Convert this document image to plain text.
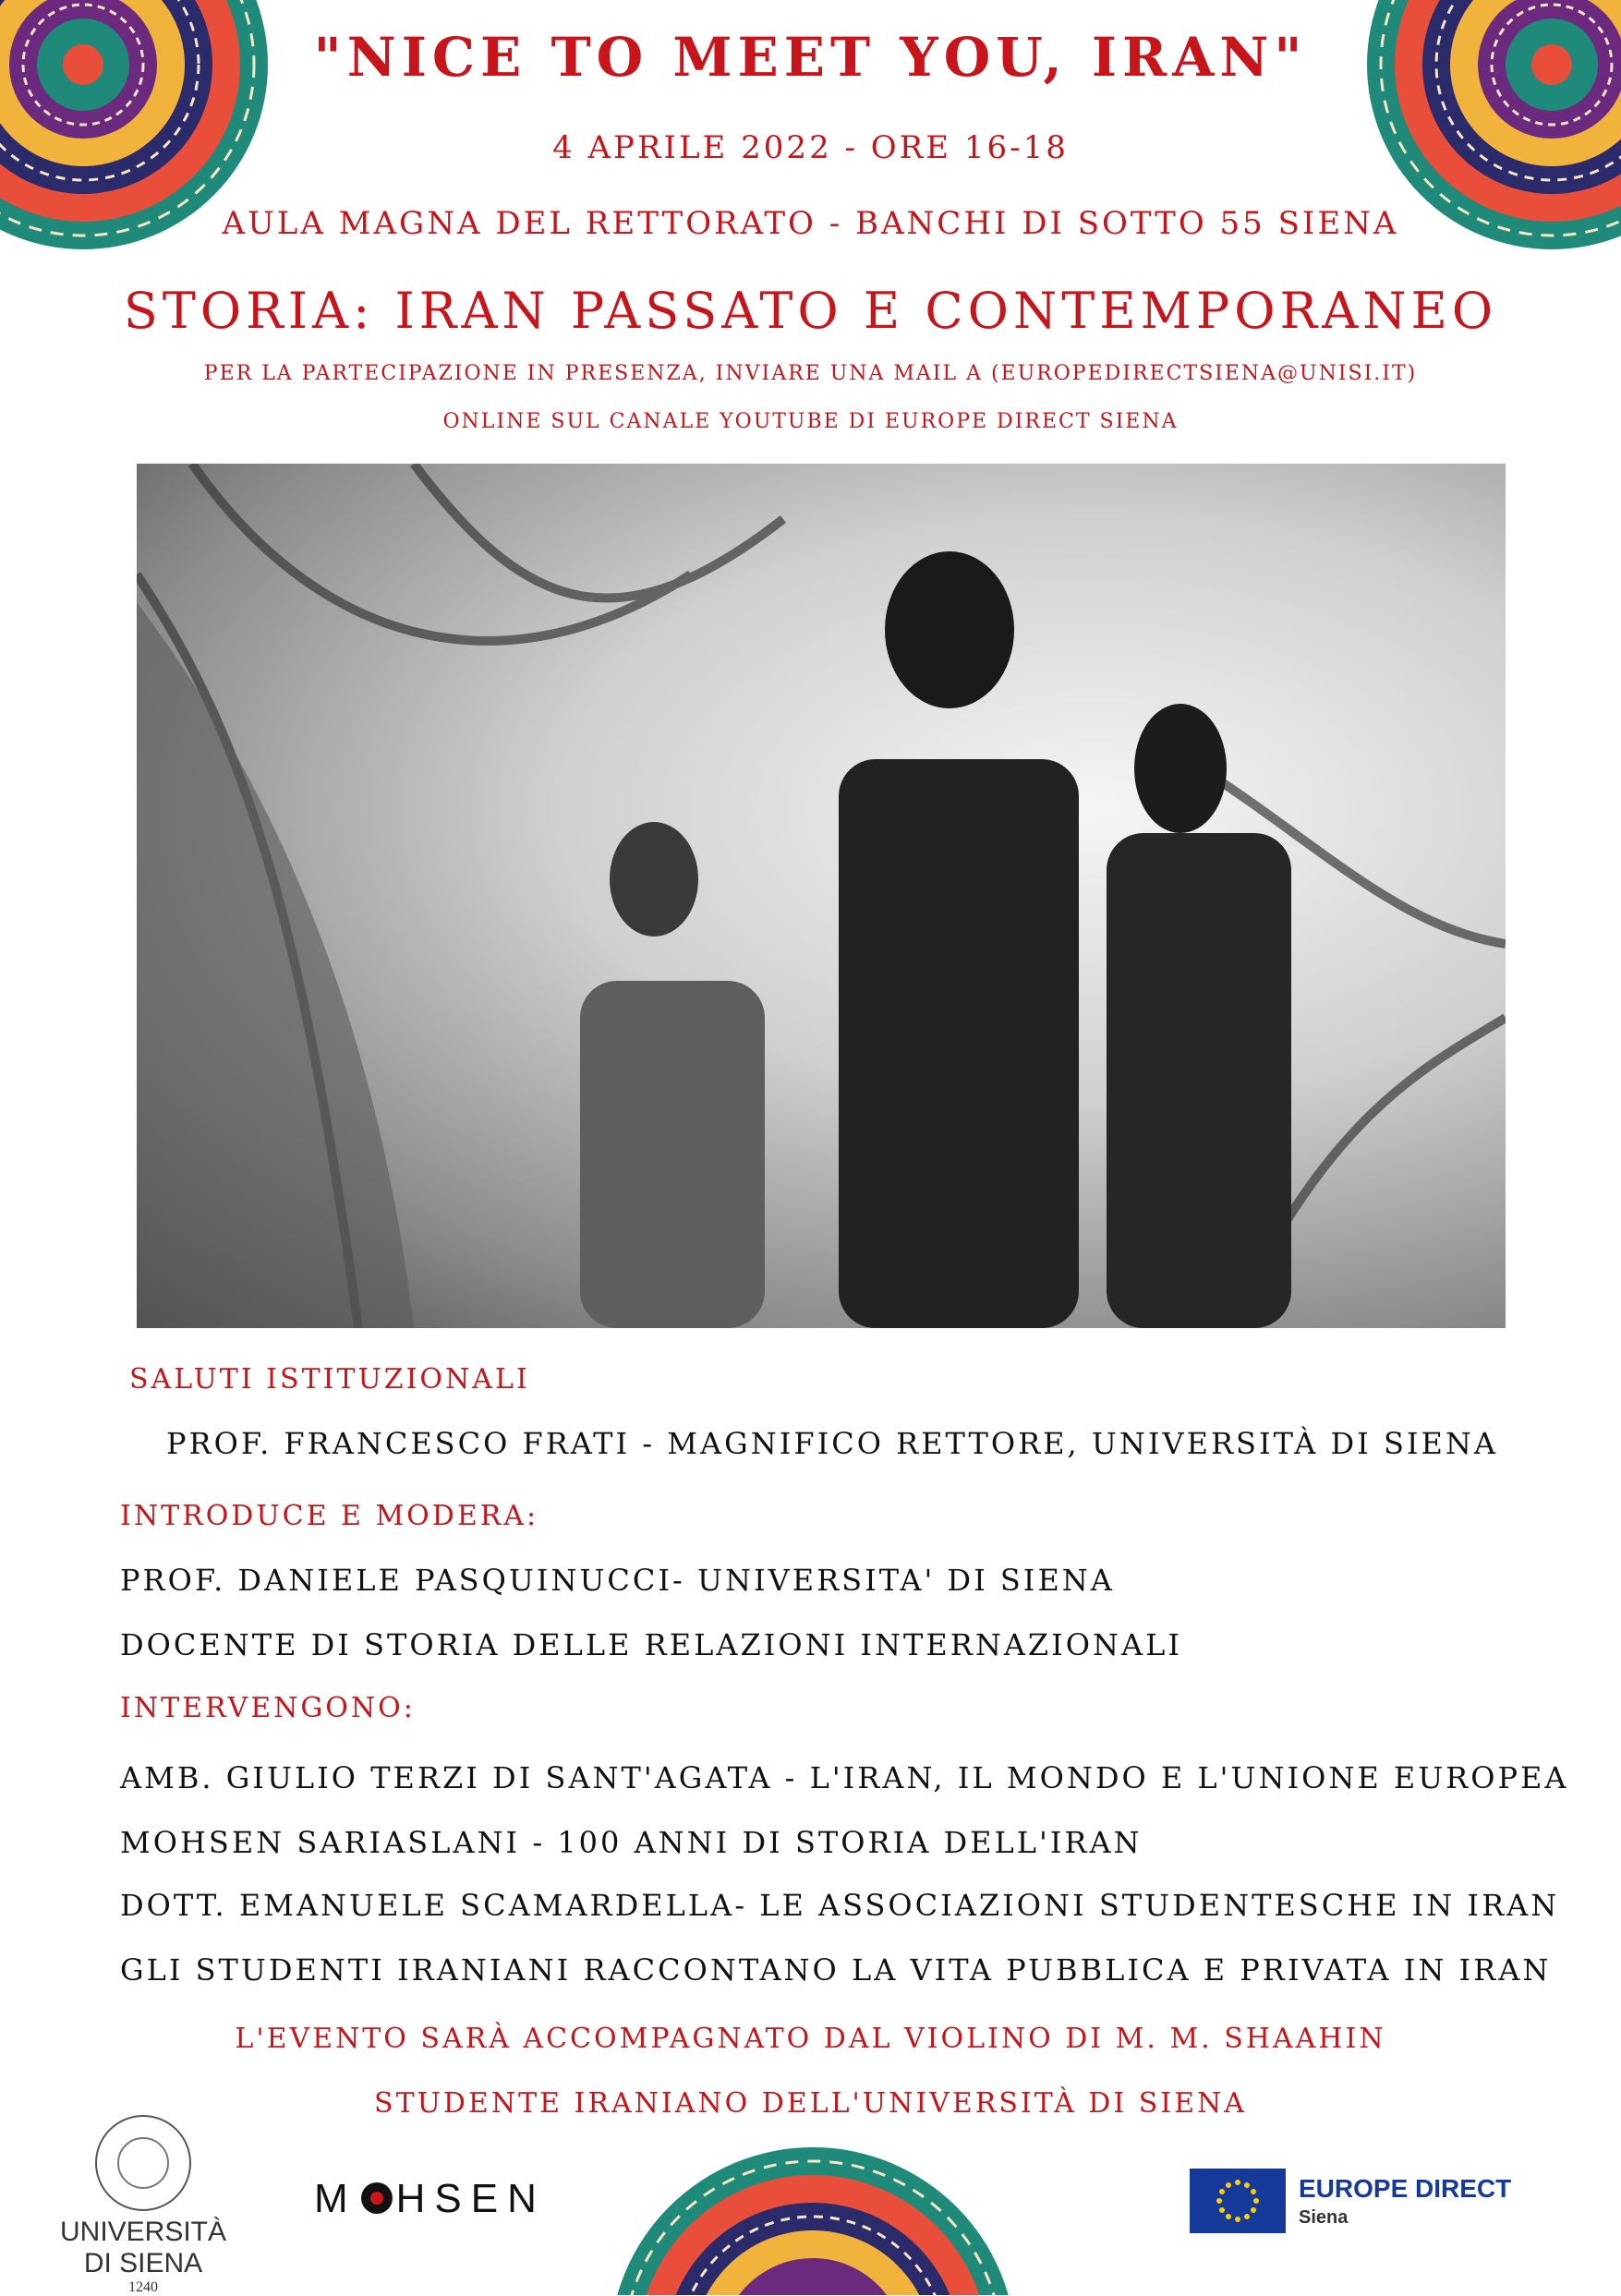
"NICE TO MEET YOU, IRAN"
4 APRILE 2022 - ORE 16-18
AULA MAGNA DEL RETTORATO - BANCHI DI SOTTO 55 SIENA
STORIA: IRAN PASSATO E CONTEMPORANEO
PER LA PARTECIPAZIONE IN PRESENZA, INVIARE UNA MAIL A (EUROPEDIRECTSIENA@UNISI.IT)
ONLINE SUL CANALE YOUTUBE DI EUROPE DIRECT SIENA
SALUTI ISTITUZIONALI
PROF. FRANCESCO FRATI - MAGNIFICO RETTORE, UNIVERSITÀ DI SIENA
INTRODUCE E MODERA:
PROF. DANIELE PASQUINUCCI- UNIVERSITA' DI SIENA
DOCENTE DI STORIA DELLE RELAZIONI INTERNAZIONALI
INTERVENGONO:
AMB. GIULIO TERZI DI SANT'AGATA - L'IRAN, IL MONDO E L'UNIONE EUROPEA
MOHSEN SARIASLANI - 100 ANNI DI STORIA DELL'IRAN
DOTT. EMANUELE SCAMARDELLA- LE ASSOCIAZIONI STUDENTESCHE IN IRAN
GLI STUDENTI IRANIANI RACCONTANO LA VITA PUBBLICA E PRIVATA IN IRAN
L'EVENTO SARÀ ACCOMPAGNATO DAL VIOLINO DI M. M. SHAAHIN
STUDENTE IRANIANO DELL'UNIVERSITÀ DI SIENA
UNIVERSITÀ
DI SIENA
1240
M HSEN	EUROPE DIRECT
Siena
